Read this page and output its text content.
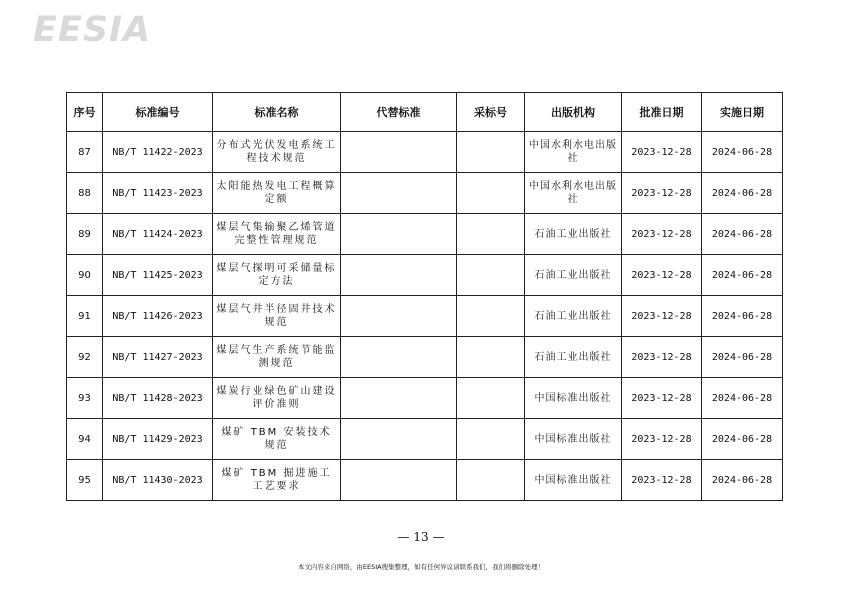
EESIA
序号	标准编号	标准名称	代替标准	采标号	出版机构	批准日期	实施日期
87	NB/T 11422-2023	分布式光伏发电系统工程技术规范			中国水利水电出版社	2023-12-28	2024-06-28
88	NB/T 11423-2023	太阳能热发电工程概算定额			中国水利水电出版社	2023-12-28	2024-06-28
89	NB/T 11424-2023	煤层气集输聚乙烯管道完整性管理规范			石油工业出版社	2023-12-28	2024-06-28
90	NB/T 11425-2023	煤层气探明可采储量标定方法			石油工业出版社	2023-12-28	2024-06-28
91	NB/T 11426-2023	煤层气井半径固井技术规范			石油工业出版社	2023-12-28	2024-06-28
92	NB/T 11427-2023	煤层气生产系统节能监测规范			石油工业出版社	2023-12-28	2024-06-28
93	NB/T 11428-2023	煤炭行业绿色矿山建设评价准则			中国标准出版社	2023-12-28	2024-06-28
94	NB/T 11429-2023	煤矿 TBM 安装技术规范			中国标准出版社	2023-12-28	2024-06-28
95	NB/T 11430-2023	煤矿 TBM 掘进施工工艺要求			中国标准出版社	2023-12-28	2024-06-28
— 13 —
本文内容来自网络，由EESIA搜集整理，如有任何异议请联系我们，我们将删除处理！
